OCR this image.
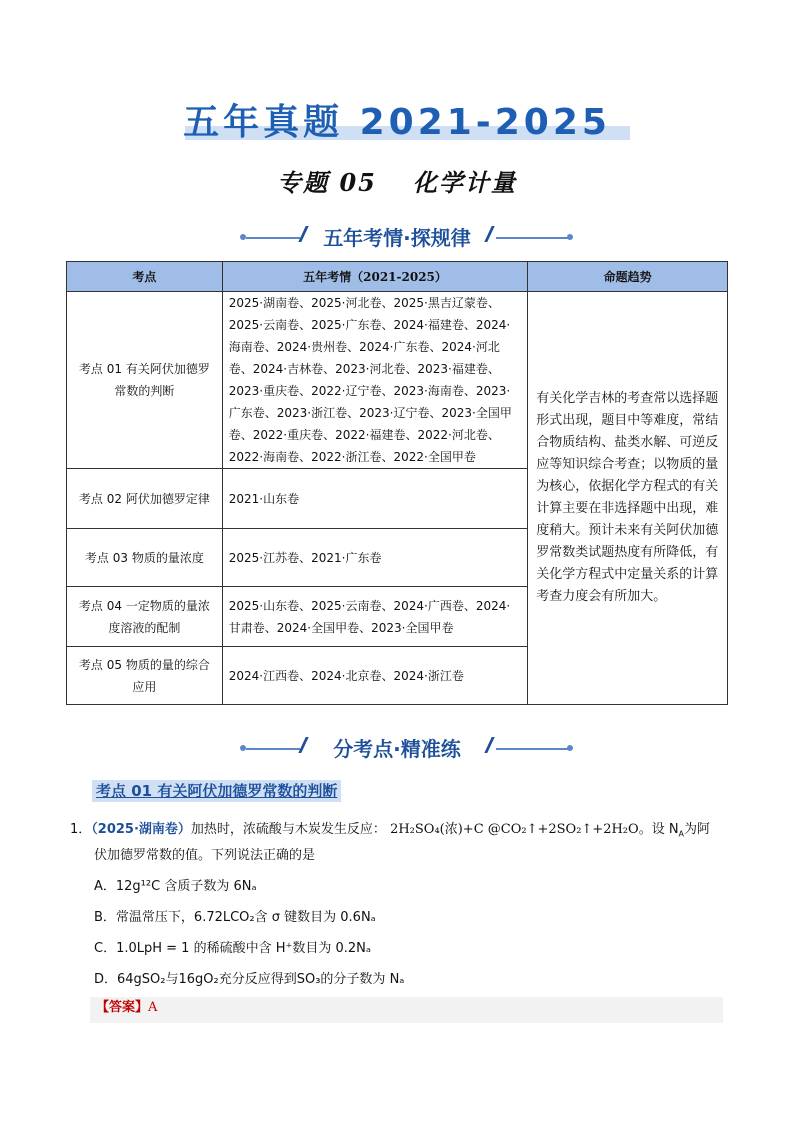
五年真题 2021-2025
专题 05 化学计量
五年考情·探规律
考点	五年考情（2021-2025）	命题趋势
考点 01 有关阿伏加德罗常数的判断	2025·湖南卷、2025·河北卷、2025·黑吉辽蒙卷、2025·云南卷、2025·广东卷、2024·福建卷、2024·海南卷、2024·贵州卷、2024·广东卷、2024·河北卷、2024·吉林卷、2023·河北卷、2023·福建卷、2023·重庆卷、2022·辽宁卷、2023·海南卷、2023·广东卷、2023·浙江卷、2023·辽宁卷、2023·全国甲卷、2022·重庆卷、2022·福建卷、2022·河北卷、2022·海南卷、2022·浙江卷、2022·全国甲卷	有关化学吉林的考查常以选择题形式出现，题目中等难度，常结合物质结构、盐类水解、可逆反应等知识综合考查；以物质的量为核心，依据化学方程式的有关计算主要在非选择题中出现，难度稍大。预计未来有关阿伏加德罗常数类试题热度有所降低，有关化学方程式中定量关系的计算考查力度会有所加大。
考点 02 阿伏加德罗定律	2021·山东卷	
考点 03 物质的量浓度	2025·江苏卷、2021·广东卷	
考点 04 一定物质的量浓度溶液的配制	2025·山东卷、2025·云南卷、2024·广西卷、2024·甘肃卷、2024·全国甲卷、2023·全国甲卷	
考点 05 物质的量的综合应用	2024·江西卷、2024·北京卷、2024·浙江卷	
分考点·精准练
考点 01 有关阿伏加德罗常数的判断
1．（2025·湖南卷）加热时，浓硫酸与木炭发生反应： 2H₂SO₄(浓)+C @CO₂↑+2SO₂↑+2H₂O。设 $N_A$为阿
伏加德罗常数的值。下列说法正确的是
A．12g¹²C 含质子数为 6Nₐ
B．常温常压下，6.72LCO₂含 σ 键数目为 0.6Nₐ
C．1.0LpH = 1 的稀硫酸中含 H⁺数目为 0.2Nₐ
D．64gSO₂与16gO₂充分反应得到SO₃的分子数为 Nₐ
【答案】A
